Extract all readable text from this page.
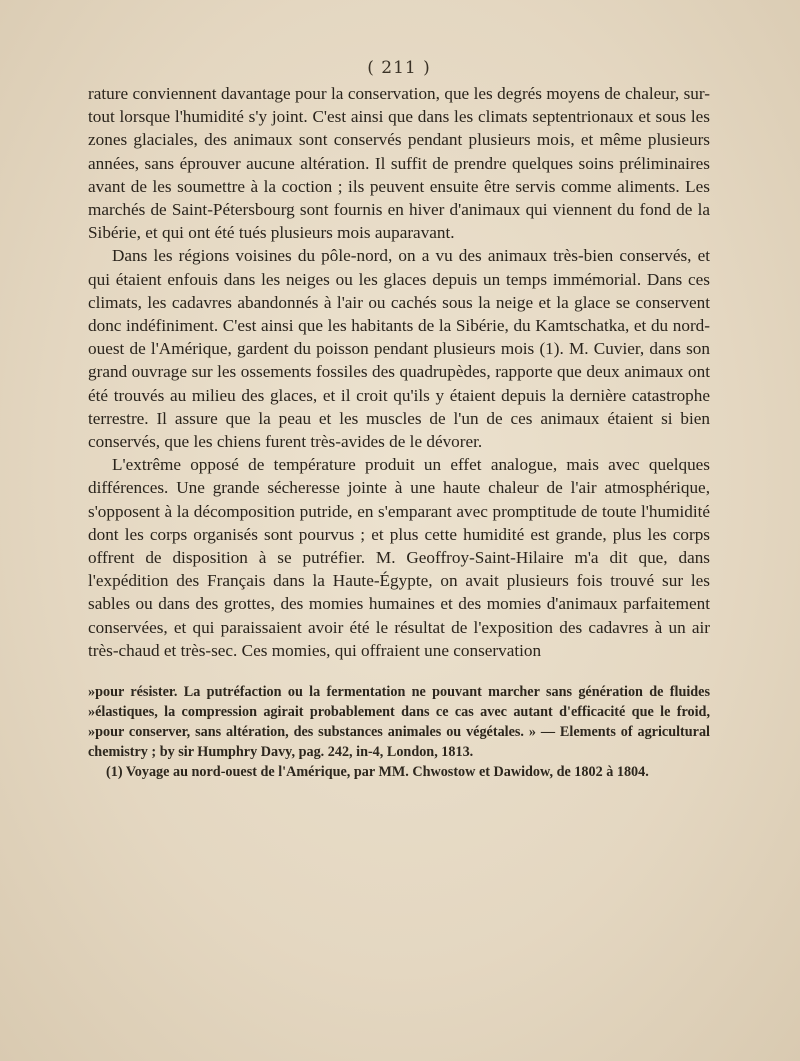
( 211 )

rature conviennent davantage pour la conservation, que les degrés moyens de chaleur, sur-tout lorsque l'humidité s'y joint. C'est ainsi que dans les climats septentrionaux et sous les zones glaciales, des animaux sont conservés pendant plusieurs mois, et même plusieurs années, sans éprouver aucune altération. Il suffit de prendre quelques soins préliminaires avant de les soumettre à la coction ; ils peuvent ensuite être servis comme aliments. Les marchés de Saint-Pétersbourg sont fournis en hiver d'animaux qui viennent du fond de la Sibérie, et qui ont été tués plusieurs mois auparavant.

Dans les régions voisines du pôle-nord, on a vu des animaux très-bien conservés, et qui étaient enfouis dans les neiges ou les glaces depuis un temps immémorial. Dans ces climats, les cadavres abandonnés à l'air ou cachés sous la neige et la glace se conservent donc indéfiniment. C'est ainsi que les habitants de la Sibérie, du Kamtschatka, et du nord-ouest de l'Amérique, gardent du poisson pendant plusieurs mois (1). M. Cuvier, dans son grand ouvrage sur les ossements fossiles des quadrupèdes, rapporte que deux animaux ont été trouvés au milieu des glaces, et il croit qu'ils y étaient depuis la dernière catastrophe terrestre. Il assure que la peau et les muscles de l'un de ces animaux étaient si bien conservés, que les chiens furent très-avides de le dévorer.

L'extrême opposé de température produit un effet analogue, mais avec quelques différences. Une grande sécheresse jointe à une haute chaleur de l'air atmosphérique, s'opposent à la décomposition putride, en s'emparant avec promptitude de toute l'humidité dont les corps organisés sont pourvus ; et plus cette humidité est grande, plus les corps offrent de disposition à se putréfier. M. Geoffroy-Saint-Hilaire m'a dit que, dans l'expédition des Français dans la Haute-Égypte, on avait plusieurs fois trouvé sur les sables ou dans des grottes, des momies humaines et des momies d'animaux parfaitement conservées, et qui paraissaient avoir été le résultat de l'exposition des cadavres à un air très-chaud et très-sec. Ces momies, qui offraient une conservation

»pour résister. La putréfaction ou la fermentation ne pouvant marcher sans génération de fluides »élastiques, la compression agirait probablement dans ce cas avec autant d'efficacité que le froid, »pour conserver, sans altération, des substances animales ou végétales. » — Elements of agricultural chemistry ; by sir Humphry Davy, pag. 242, in-4, London, 1813.

(1) Voyage au nord-ouest de l'Amérique, par MM. Chwostow et Dawidow, de 1802 à 1804.
